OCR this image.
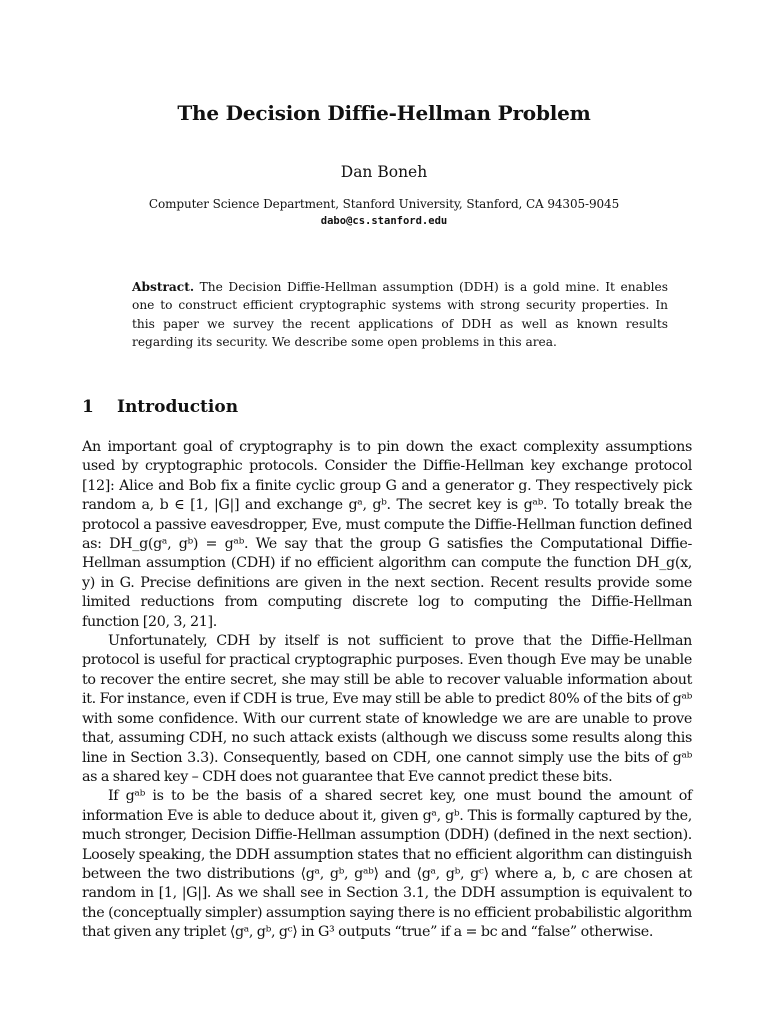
The Decision Diffie-Hellman Problem
Dan Boneh
Computer Science Department, Stanford University, Stanford, CA 94305-9045
dabo@cs.stanford.edu
Abstract. The Decision Diffie-Hellman assumption (DDH) is a gold mine. It enables one to construct efficient cryptographic systems with strong security properties. In this paper we survey the recent applications of DDH as well as known results regarding its security. We describe some open problems in this area.
1 Introduction

An important goal of cryptography is to pin down the exact complexity assumptions used by cryptographic protocols. Consider the Diffie-Hellman key exchange protocol [12]: Alice and Bob fix a finite cyclic group G and a generator g. They respectively pick random a, b ∈ [1, |G|] and exchange gᵃ, gᵇ. The secret key is gᵃᵇ. To totally break the protocol a passive eavesdropper, Eve, must compute the Diffie-Hellman function defined as: DH_g(gᵃ, gᵇ) = gᵃᵇ. We say that the group G satisfies the Computational Diffie-Hellman assumption (CDH) if no efficient algorithm can compute the function DH_g(x, y) in G. Precise definitions are given in the next section. Recent results provide some limited reductions from computing discrete log to computing the Diffie-Hellman function [20, 3, 21].

Unfortunately, CDH by itself is not sufficient to prove that the Diffie-Hellman protocol is useful for practical cryptographic purposes. Even though Eve may be unable to recover the entire secret, she may still be able to recover valuable information about it. For instance, even if CDH is true, Eve may still be able to predict 80% of the bits of gᵃᵇ with some confidence. With our current state of knowledge we are are unable to prove that, assuming CDH, no such attack exists (although we discuss some results along this line in Section 3.3). Consequently, based on CDH, one cannot simply use the bits of gᵃᵇ as a shared key – CDH does not guarantee that Eve cannot predict these bits.

If gᵃᵇ is to be the basis of a shared secret key, one must bound the amount of information Eve is able to deduce about it, given gᵃ, gᵇ. This is formally captured by the, much stronger, Decision Diffie-Hellman assumption (DDH) (defined in the next section). Loosely speaking, the DDH assumption states that no efficient algorithm can distinguish between the two distributions ⟨gᵃ, gᵇ, gᵃᵇ⟩ and ⟨gᵃ, gᵇ, gᶜ⟩ where a, b, c are chosen at random in [1, |G|]. As we shall see in Section 3.1, the DDH assumption is equivalent to the (conceptually simpler) assumption saying there is no efficient probabilistic algorithm that given any triplet ⟨gᵃ, gᵇ, gᶜ⟩ in G³ outputs “true” if a = bc and “false” otherwise.
